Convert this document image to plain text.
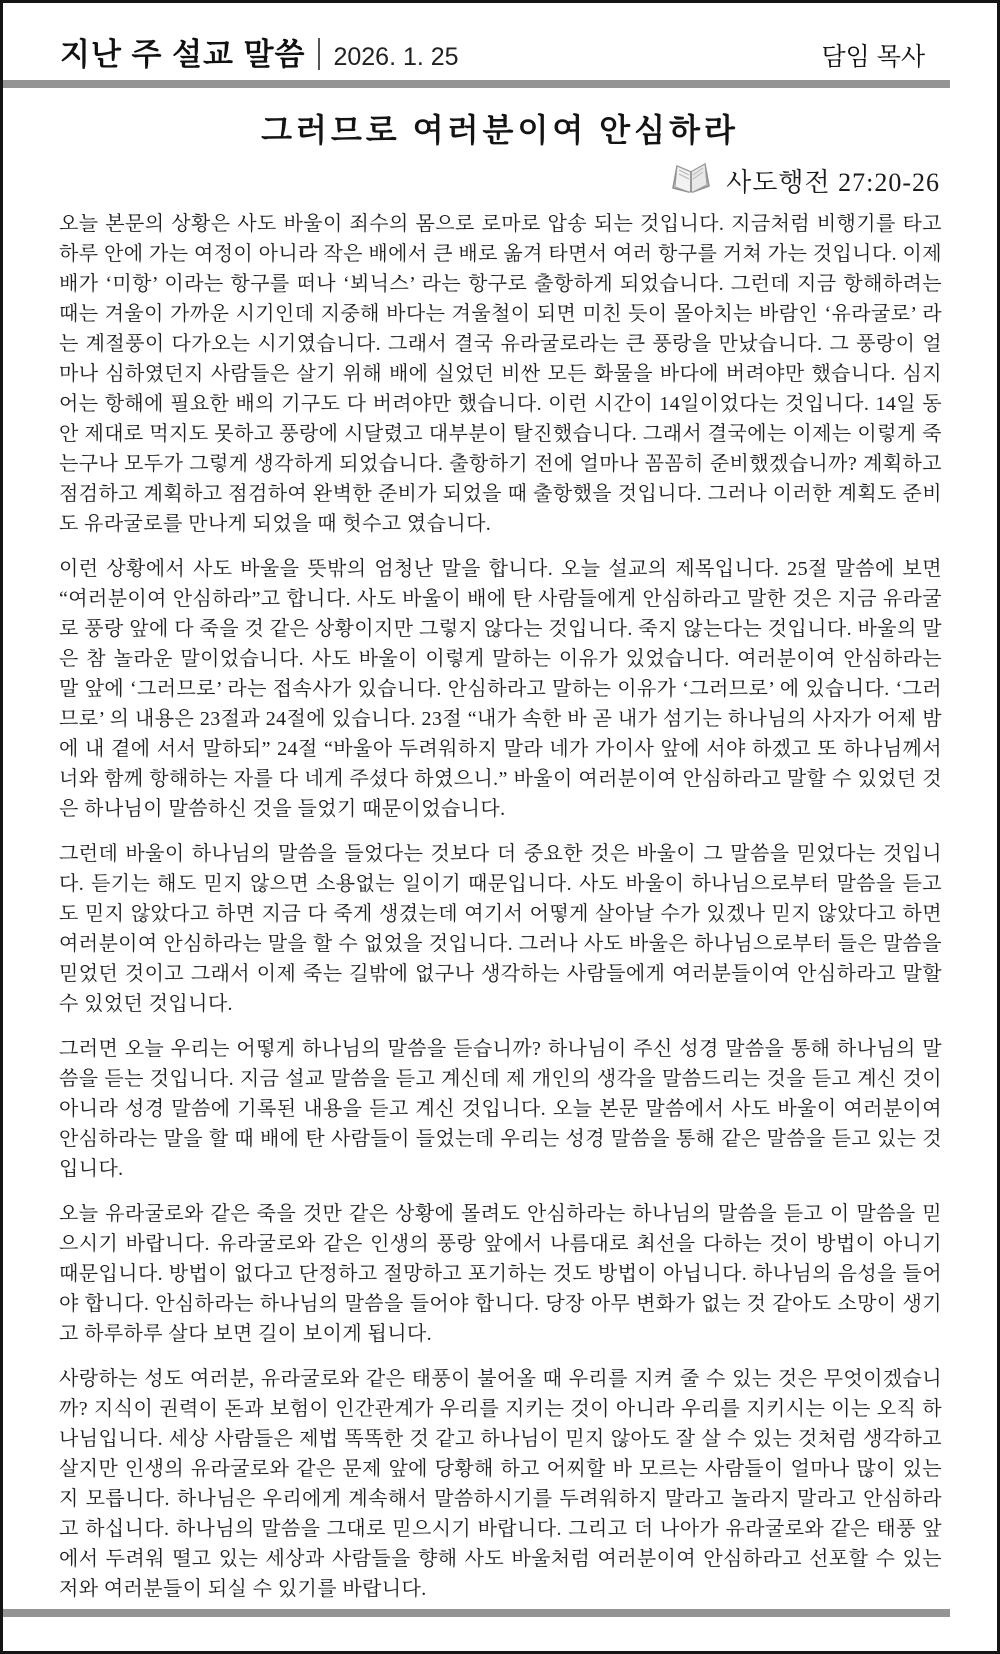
지난 주 설교 말씀 2026. 1. 25	담임 목사
그러므로 여러분이여 안심하라
사도행전 27:20-26

오늘 본문의 상황은 사도 바울이 죄수의 몸으로 로마로 압송 되는 것입니다. 지금처럼 비행기를 타고 하루 안에 가는 여정이 아니라 작은 배에서 큰 배로 옮겨 타면서 여러 항구를 거쳐 가는 것입니다. 이제 배가 ‘미항’ 이라는 항구를 떠나 ‘뵈닉스’ 라는 항구로 출항하게 되었습니다. 그런데 지금 항해하려는 때는 겨울이 가까운 시기인데 지중해 바다는 겨울철이 되면 미친 듯이 몰아치는 바람인 ‘유라굴로’ 라는 계절풍이 다가오는 시기였습니다. 그래서 결국 유라굴로라는 큰 풍랑을 만났습니다. 그 풍랑이 얼마나 심하였던지 사람들은 살기 위해 배에 실었던 비싼 모든 화물을 바다에 버려야만 했습니다. 심지어는 항해에 필요한 배의 기구도 다 버려야만 했습니다. 이런 시간이 14일이었다는 것입니다. 14일 동안 제대로 먹지도 못하고 풍랑에 시달렸고 대부분이 탈진했습니다. 그래서 결국에는 이제는 이렇게 죽는구나 모두가 그렇게 생각하게 되었습니다. 출항하기 전에 얼마나 꼼꼼히 준비했겠습니까? 계획하고 점검하고 계획하고 점검하여 완벽한 준비가 되었을 때 출항했을 것입니다. 그러나 이러한 계획도 준비도 유라굴로를 만나게 되었을 때 헛수고 였습니다.

이런 상황에서 사도 바울을 뜻밖의 엄청난 말을 합니다. 오늘 설교의 제목입니다. 25절 말씀에 보면 “여러분이여 안심하라”고 합니다. 사도 바울이 배에 탄 사람들에게 안심하라고 말한 것은 지금 유라굴로 풍랑 앞에 다 죽을 것 같은 상황이지만 그렇지 않다는 것입니다. 죽지 않는다는 것입니다. 바울의 말은 참 놀라운 말이었습니다. 사도 바울이 이렇게 말하는 이유가 있었습니다. 여러분이여 안심하라는 말 앞에 ‘그러므로’ 라는 접속사가 있습니다. 안심하라고 말하는 이유가 ‘그러므로’ 에 있습니다. ‘그러므로’ 의 내용은 23절과 24절에 있습니다. 23절 “내가 속한 바 곧 내가 섬기는 하나님의 사자가 어제 밤에 내 곁에 서서 말하되” 24절 “바울아 두려워하지 말라 네가 가이사 앞에 서야 하겠고 또 하나님께서 너와 함께 항해하는 자를 다 네게 주셨다 하였으니.” 바울이 여러분이여 안심하라고 말할 수 있었던 것은 하나님이 말씀하신 것을 들었기 때문이었습니다.

그런데 바울이 하나님의 말씀을 들었다는 것보다 더 중요한 것은 바울이 그 말씀을 믿었다는 것입니다. 듣기는 해도 믿지 않으면 소용없는 일이기 때문입니다. 사도 바울이 하나님으로부터 말씀을 듣고도 믿지 않았다고 하면 지금 다 죽게 생겼는데 여기서 어떻게 살아날 수가 있겠나 믿지 않았다고 하면 여러분이여 안심하라는 말을 할 수 없었을 것입니다. 그러나 사도 바울은 하나님으로부터 들은 말씀을 믿었던 것이고 그래서 이제 죽는 길밖에 없구나 생각하는 사람들에게 여러분들이여 안심하라고 말할 수 있었던 것입니다.

그러면 오늘 우리는 어떻게 하나님의 말씀을 듣습니까? 하나님이 주신 성경 말씀을 통해 하나님의 말씀을 듣는 것입니다. 지금 설교 말씀을 듣고 계신데 제 개인의 생각을 말씀드리는 것을 듣고 계신 것이 아니라 성경 말씀에 기록된 내용을 듣고 계신 것입니다. 오늘 본문 말씀에서 사도 바울이 여러분이여 안심하라는 말을 할 때 배에 탄 사람들이 들었는데 우리는 성경 말씀을 통해 같은 말씀을 듣고 있는 것입니다.

오늘 유라굴로와 같은 죽을 것만 같은 상황에 몰려도 안심하라는 하나님의 말씀을 듣고 이 말씀을 믿으시기 바랍니다. 유라굴로와 같은 인생의 풍랑 앞에서 나름대로 최선을 다하는 것이 방법이 아니기 때문입니다. 방법이 없다고 단정하고 절망하고 포기하는 것도 방법이 아닙니다. 하나님의 음성을 들어야 합니다. 안심하라는 하나님의 말씀을 들어야 합니다. 당장 아무 변화가 없는 것 같아도 소망이 생기고 하루하루 살다 보면 길이 보이게 됩니다.

사랑하는 성도 여러분, 유라굴로와 같은 태풍이 불어올 때 우리를 지켜 줄 수 있는 것은 무엇이겠습니까? 지식이 권력이 돈과 보험이 인간관계가 우리를 지키는 것이 아니라 우리를 지키시는 이는 오직 하나님입니다. 세상 사람들은 제법 똑똑한 것 같고 하나님이 믿지 않아도 잘 살 수 있는 것처럼 생각하고 살지만 인생의 유라굴로와 같은 문제 앞에 당황해 하고 어찌할 바 모르는 사람들이 얼마나 많이 있는지 모릅니다. 하나님은 우리에게 계속해서 말씀하시기를 두려워하지 말라고 놀라지 말라고 안심하라고 하십니다. 하나님의 말씀을 그대로 믿으시기 바랍니다. 그리고 더 나아가 유라굴로와 같은 태풍 앞에서 두려워 떨고 있는 세상과 사람들을 향해 사도 바울처럼 여러분이여 안심하라고 선포할 수 있는 저와 여러분들이 되실 수 있기를 바랍니다.
